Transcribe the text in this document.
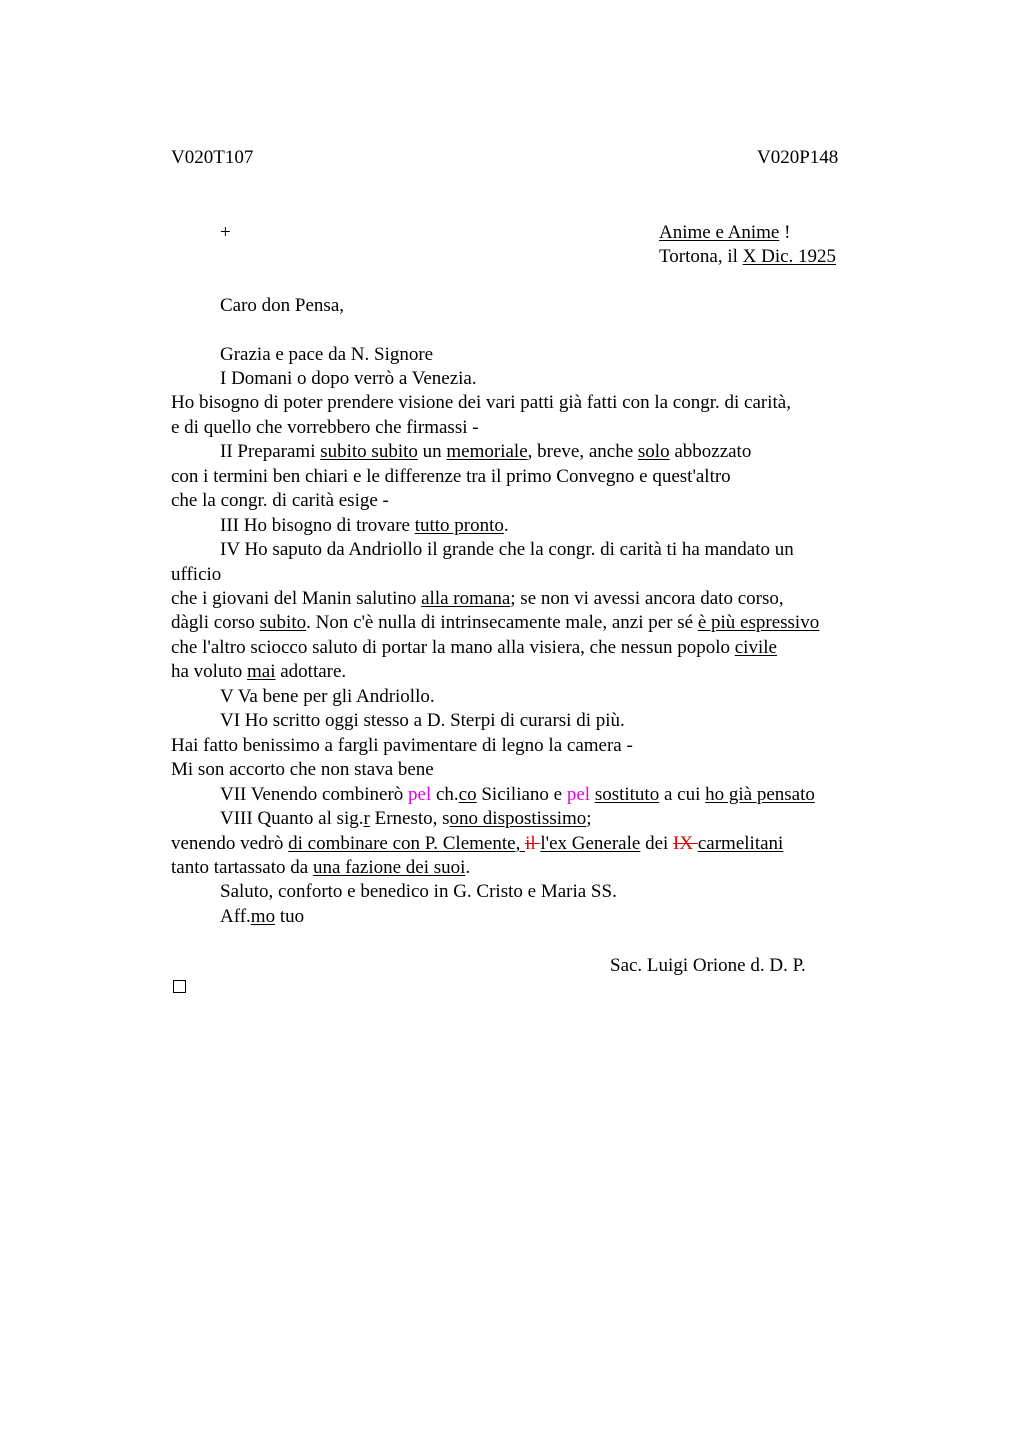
V020T107	V020P148
+	Anime e Anime !
Tortona, il X Dic. 1925
Caro don Pensa,
Grazia e pace da N. Signore
I Domani o dopo verrò a Venezia.
Ho bisogno di poter prendere visione dei vari patti già fatti con la congr. di carità,
e di quello che vorrebbero che firmassi -
II Preparami subito subito un memoriale, breve, anche solo abbozzato
con i termini ben chiari e le differenze tra il primo Convegno e quest'altro
che la congr. di carità esige -
III Ho bisogno di trovare tutto pronto.
IV Ho saputo da Andriollo il grande che la congr. di carità ti ha mandato un
ufficio
che i giovani del Manin salutino alla romana; se non vi avessi ancora dato corso,
dàgli corso subito. Non c'è nulla di intrinsecamente male, anzi per sé è più espressivo
che l'altro sciocco saluto di portar la mano alla visiera, che nessun popolo civile
ha voluto mai adottare.
V Va bene per gli Andriollo.
VI Ho scritto oggi stesso a D. Sterpi di curarsi di più.
Hai fatto benissimo a fargli pavimentare di legno la camera -
Mi son accorto che non stava bene
VII Venendo combinerò pel ch.co Siciliano e pel sostituto a cui ho già pensato
VIII Quanto al sig.r Ernesto, sono dispostissimo;
venendo vedrò di combinare con P. Clemente, il l'ex Generale dei IX carmelitani
tanto tartassato da una fazione dei suoi.
Saluto, conforto e benedico in G. Cristo e Maria SS.
Aff.mo tuo
Sac. Luigi Orione d. D. P.
